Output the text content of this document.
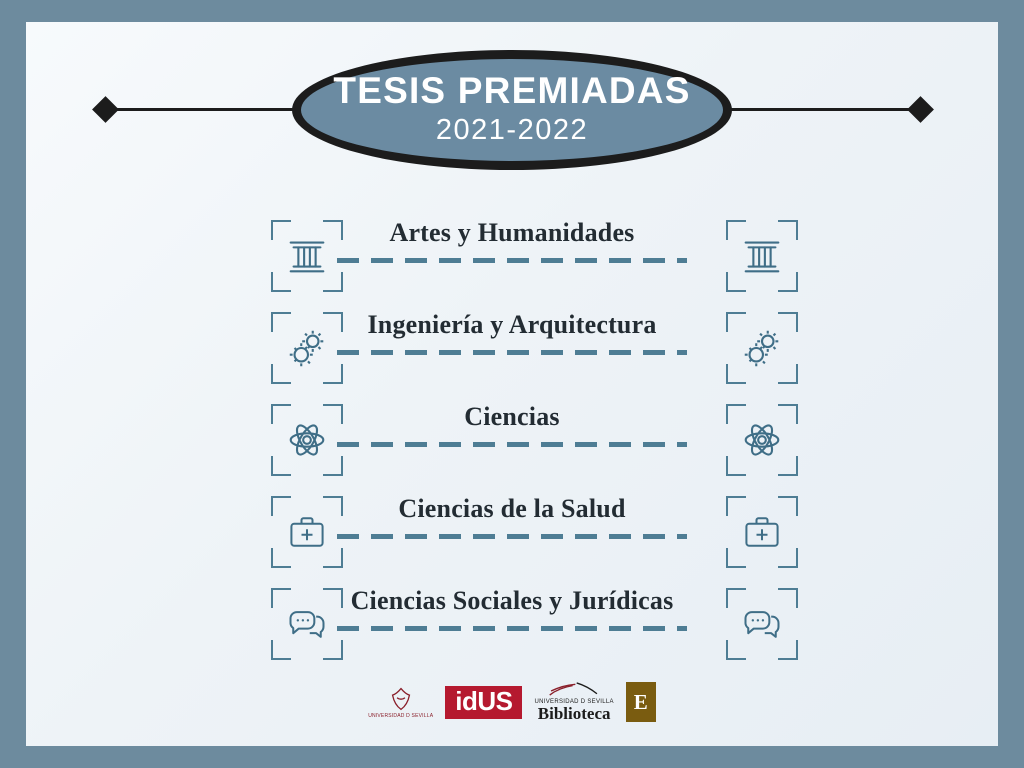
TESIS PREMIADAS
2021-2022
Artes y Humanidades
Ingeniería y Arquitectura
Ciencias
Ciencias de la Salud
Ciencias Sociales y Jurídicas
UNIVERSIDAD D SEVILLA
idUS	UNIVERSIDAD D SEVILLA
Biblioteca
E
